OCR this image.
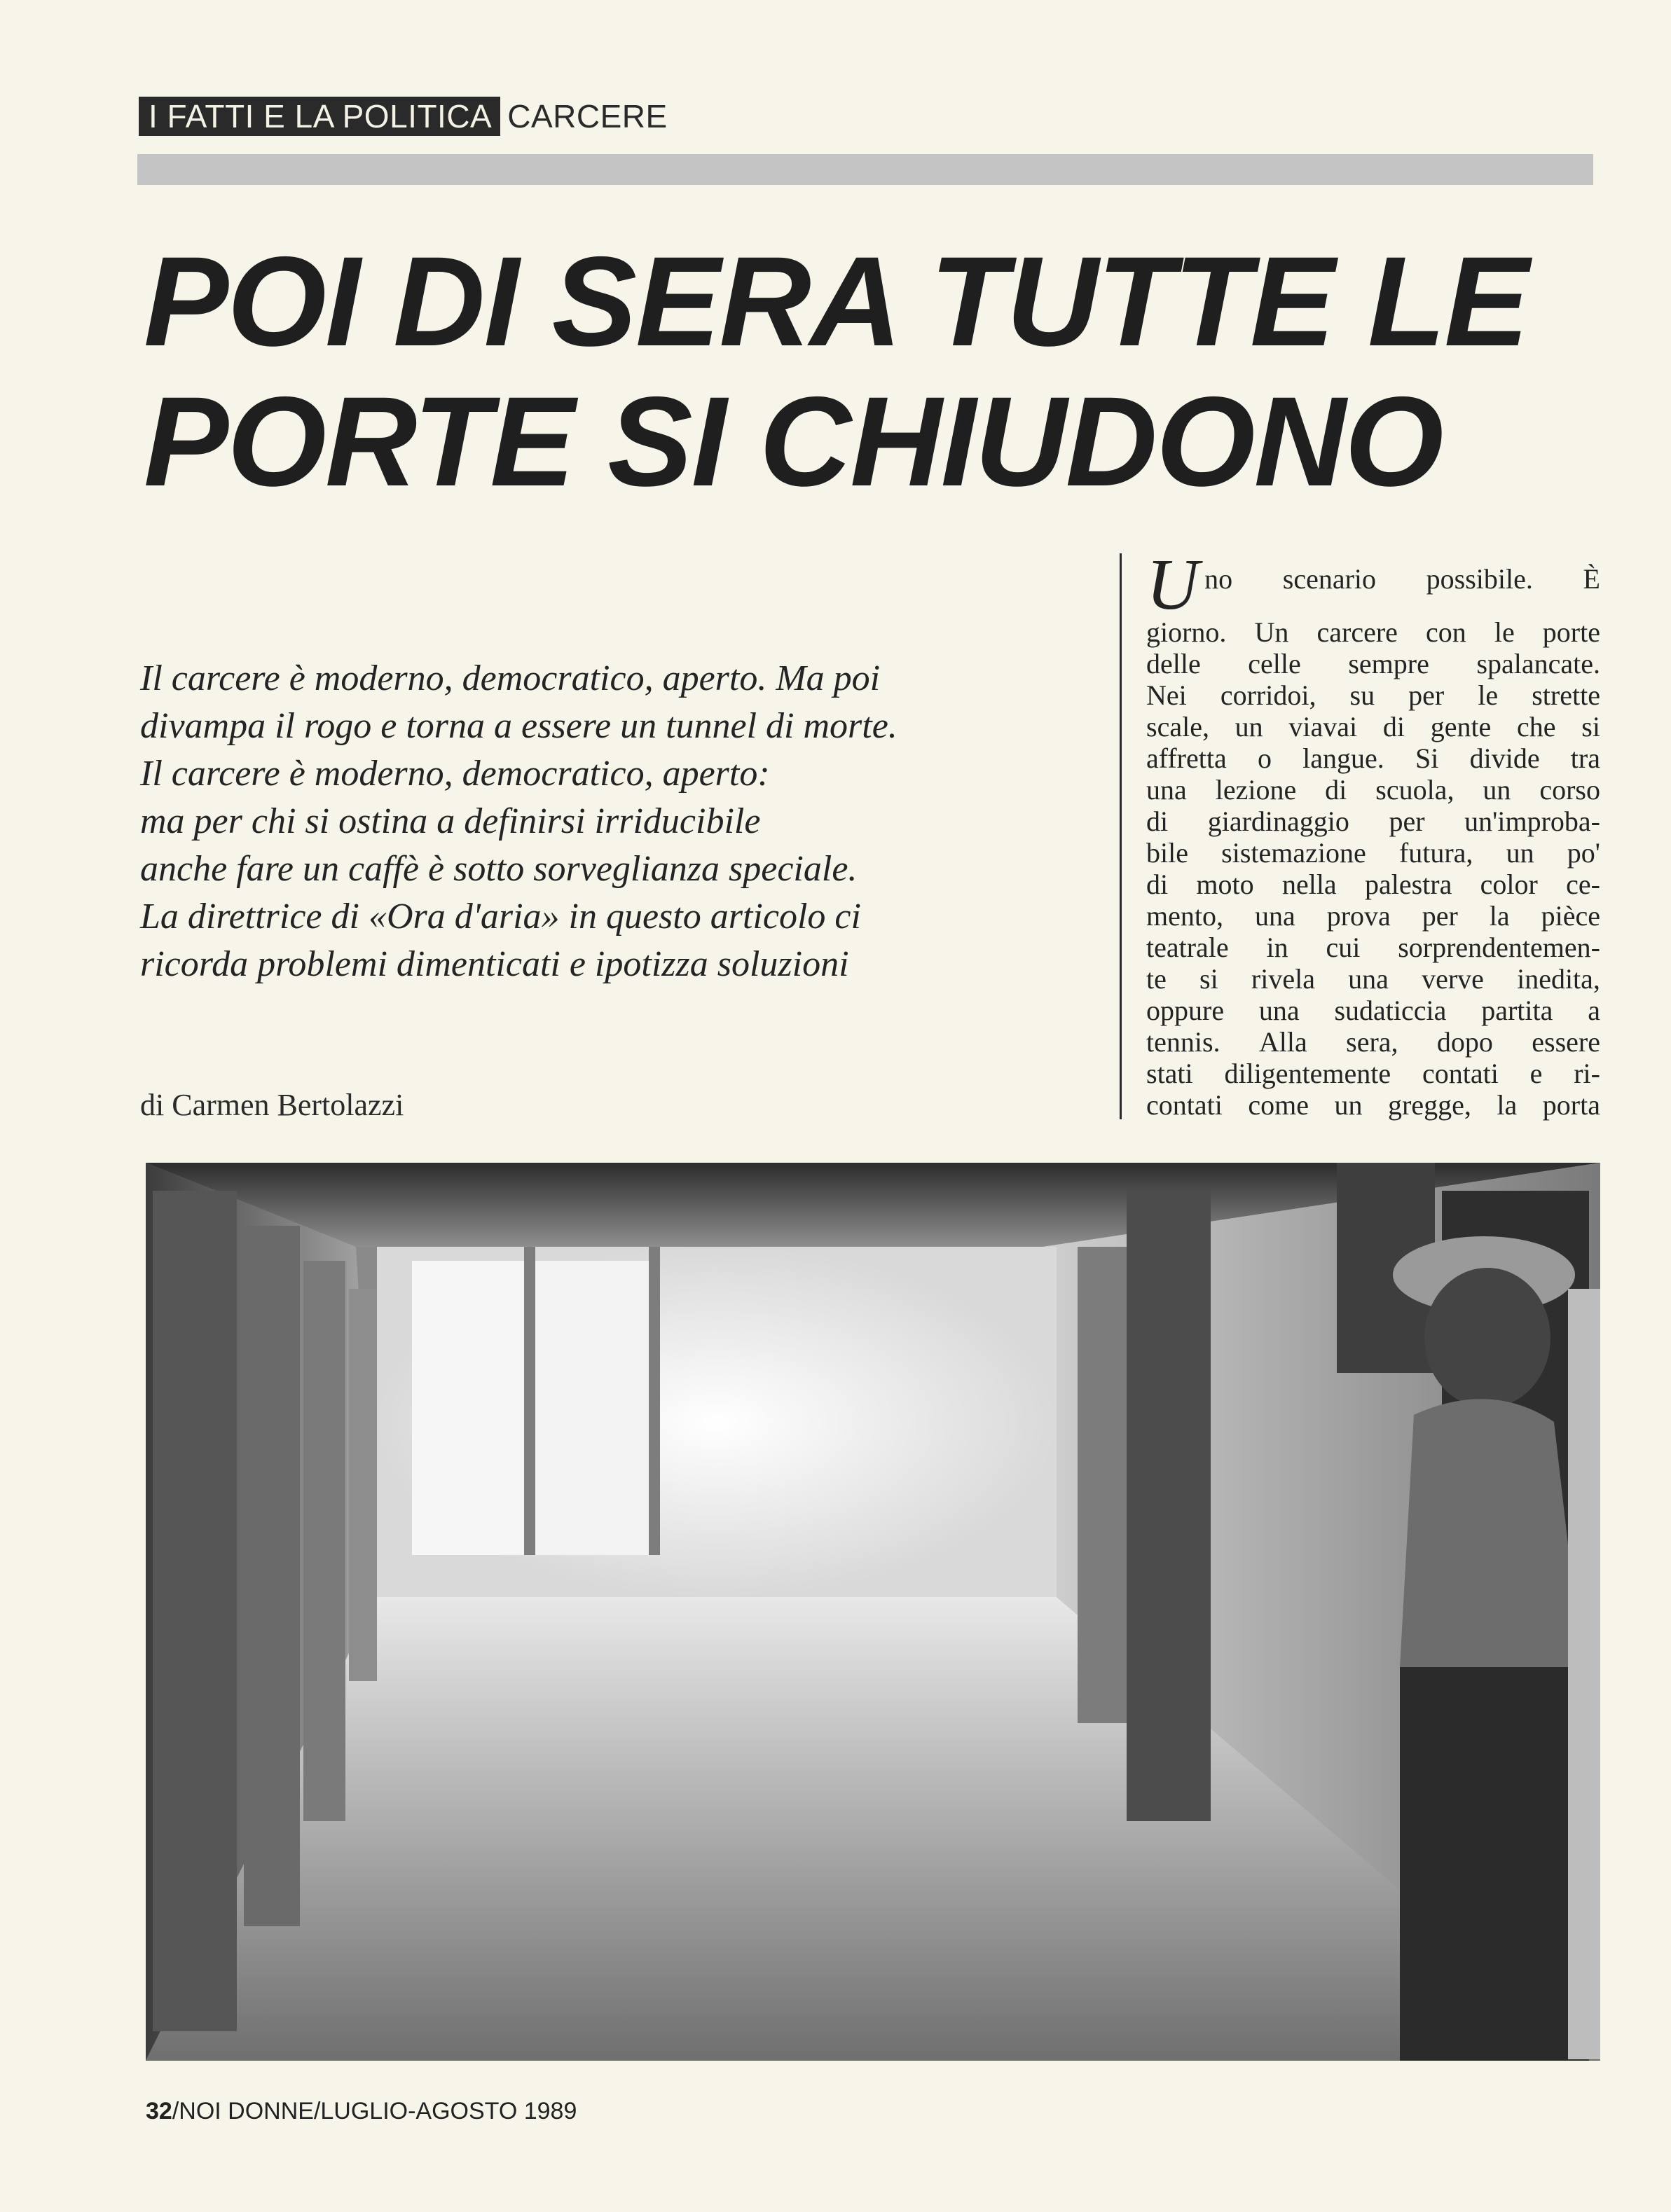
I FATTI E LA POLITICA CARCERE
POI DI SERA TUTTE LE
PORTE SI CHIUDONO
Il carcere è moderno, democratico, aperto. Ma poi
divampa il rogo e torna a essere un tunnel di morte.
Il carcere è moderno, democratico, aperto:
ma per chi si ostina a definirsi irriducibile
anche fare un caffè è sotto sorveglianza speciale.
La direttrice di «Ora d'aria» in questo articolo ci
ricorda problemi dimenticati e ipotizza soluzioni

di Carmen Bertolazzi

U no scenario possibile. È
giorno. Un carcere con le porte
delle celle sempre spalancate.
Nei corridoi, su per le strette
scale, un viavai di gente che si
affretta o langue. Si divide tra
una lezione di scuola, un corso
di giardinaggio per un'improba-
bile sistemazione futura, un po'
di moto nella palestra color ce-
mento, una prova per la pièce
teatrale in cui sorprendentemen-
te si rivela una verve inedita,
oppure una sudaticcia partita a
tennis. Alla sera, dopo essere
stati diligentemente contati e ri-
contati come un gregge, la porta

32/NOI DONNE/LUGLIO-AGOSTO 1989
